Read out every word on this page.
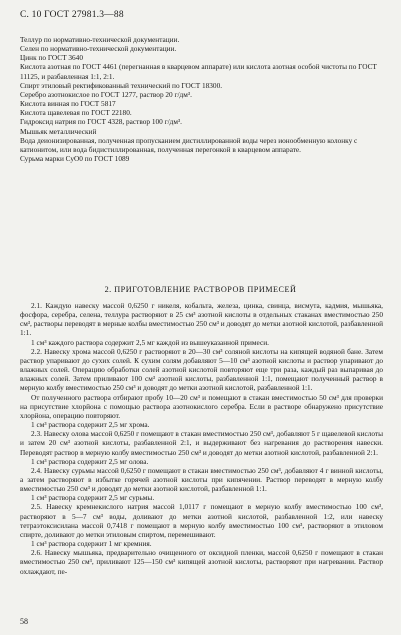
С. 10 ГОСТ 27981.3—88

Теллур по нормативно-технической документации.

Селен по нормативно-технической документации.

Цинк по ГОСТ 3640

Кислота азотная по ГОСТ 4461 (перегнанная в кварцевом аппарате) или кислота азотная особой чистоты по ГОСТ 11125, и разбавленная 1:1, 2:1.

Спирт этиловый ректификованный технический по ГОСТ 18300.

Серебро азотнокислое по ГОСТ 1277, раствор 20 г/дм³.

Кислота винная по ГОСТ 5817

Кислота щавелевая по ГОСТ 22180.

Гидроксид натрия по ГОСТ 4328, раствор 100 г/дм³.

Мышьяк металлический

Вода деионизированная, полученная пропусканием дистиллированной воды через ионообменную колонку с катионитом, или вода бидистиллированная, полученная перегонкой в кварцевом аппарате.

Сурьма марки СуО0 по ГОСТ 1089

2. ПРИГОТОВЛЕНИЕ РАСТВОРОВ ПРИМЕСЕЙ

2.1. Каждую навеску массой 0,6250 г никеля, кобальта, железа, цинка, свинца, висмута, кадмия, мышьяка, фосфора, серебра, селена, теллура растворяют в 25 см³ азотной кислоты в отдельных стаканах вместимостью 250 см³, растворы переводят в мерные колбы вместимостью 250 см³ и доводят до метки азотной кислотой, разбавленной 1:1.

1 см³ каждого раствора содержит 2,5 мг каждой из вышеуказанной примеси.

2.2. Навеску хрома массой 0,6250 г растворяют в 20—30 см³ соляной кислоты на кипящей водяной бане. Затем раствор упаривают до сухих солей. К сухим солям добавляют 5—10 см³ азотной кислоты и раствор упаривают до влажных солей. Операцию обработки солей азотной кислотой повторяют еще три раза, каждый раз выпаривая до влажных солей. Затем приливают 100 см³ азотной кислоты, разбавленной 1:1, помещают полученный раствор в мерную колбу вместимостью 250 см³ и доводят до метки азотной кислотой, разбавленной 1:1.

От полученного раствора отбирают пробу 10—20 см³ и помещают в стакан вместимостью 50 см³ для проверки на присутствие хлорйона с помощью раствора азотнокислого серебра. Если в растворе обнаружено присутствие хлорйона, операцию повторяют.

1 см³ раствора содержит 2,5 мг хрома.

2.3. Навеску олова массой 0,6250 г помещают в стакан вместимостью 250 см³, добавляют 5 г щавелевой кислоты и затем 20 см³ азотной кислоты, разбавленной 2:1, и выдерживают без нагревания до растворения навески. Переводят раствор в мерную колбу вместимостью 250 см³ и доводят до метки азотной кислотой, разбавленной 2:1.

1 см³ раствора содержит 2,5 мг олова.

2.4. Навеску сурьмы массой 0,6250 г помещают в стакан вместимостью 250 см³, добавляют 4 г винной кислоты, а затем растворяют в избытке горячей азотной кислоты при кипячении. Раствор переводят в мерную колбу вместимостью 250 см³ и доводят до метки азотной кислотой, разбавленной 1:1.

1 см³ раствора содержит 2,5 мг сурьмы.

2.5. Навеску кремнекислого натрия массой 1,0117 г помещают в мерную колбу вместимостью 100 см³, растворяют в 5—7 см³ воды, доливают до метки азотной кислотой, разбавленной 1:2, или навеску тетраэтоксисилана массой 0,7418 г помещают в мерную колбу вместимостью 100 см³, растворяют в этиловом спирте, доливают до метки этиловым спиртом, перемешивают.

1 см³ раствора содержит 1 мг кремния.

2.6. Навеску мышьяка, предварительно очищенного от оксидной пленки, массой 0,6250 г помещают в стакан вместимостью 250 см³, приливают 125—150 см³ кипящей азотной кислоты, растворяют при нагревании. Раствор охлаждают, пе-

58
